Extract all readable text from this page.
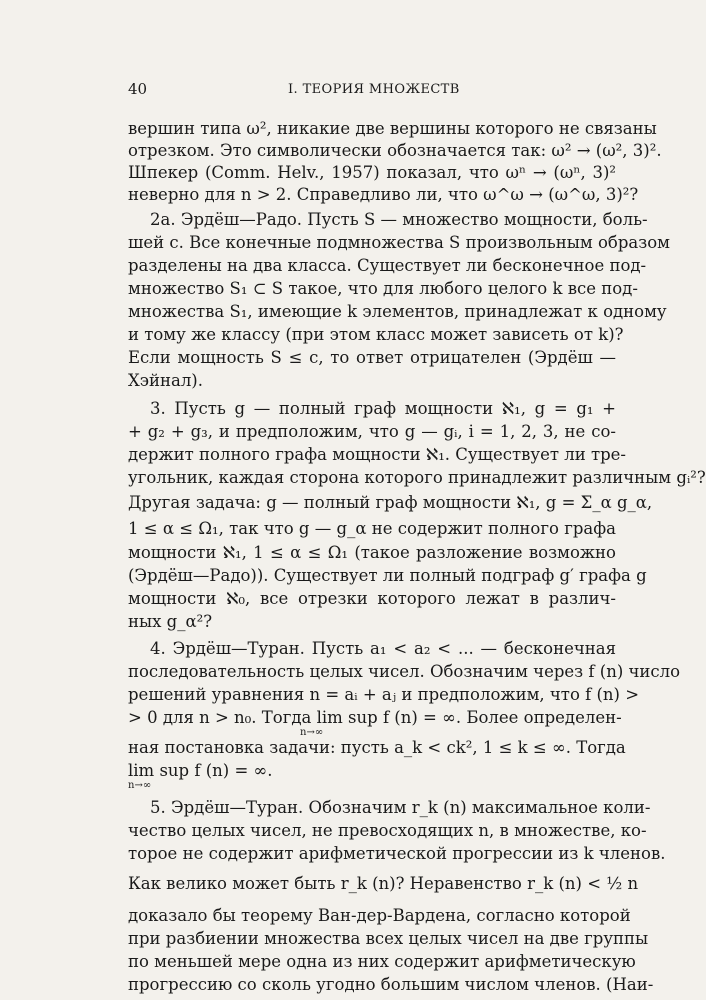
40	I. ТЕОРИЯ МНОЖЕСТВ
вершин типа ω², никакие две вершины которого не связаны
отрезком. Это символически обозначается так: ω² → (ω², 3)².
Шпекер (Comm. Helv., 1957) показал, что ωⁿ → (ωⁿ, 3)²
неверно для n > 2. Справедливо ли, что ω^ω → (ω^ω, 3)²?
2а. Эрдёш—Радо. Пусть S — множество мощности, боль-
шей c. Все конечные подмножества S произвольным образом
разделены на два класса. Существует ли бесконечное под-
множество S₁ ⊂ S такое, что для любого целого k все под-
множества S₁, имеющие k элементов, принадлежат к одному
и тому же классу (при этом класс может зависеть от k)?
Если мощность S ≤ c, то ответ отрицателен (Эрдёш —
Хэйнал).
3. Пусть g — полный граф мощности ℵ₁, g = g₁ +
+ g₂ + g₃, и предположим, что g — gᵢ, i = 1, 2, 3, не со-
держит полного графа мощности ℵ₁. Существует ли тре-
угольник, каждая сторона которого принадлежит различным gᵢ²?
Другая задача: g — полный граф мощности ℵ₁, g = Σ_α g_α,
1 ≤ α ≤ Ω₁, так что g — g_α не содержит полного графа
мощности ℵ₁, 1 ≤ α ≤ Ω₁ (такое разложение возможно
(Эрдёш—Радо)). Существует ли полный подграф g′ графа g
мощности ℵ₀, все отрезки которого лежат в различ-
ных g_α²?
4. Эрдёш—Туран. Пусть a₁ < a₂ < ... — бесконечная
последовательность целых чисел. Обозначим через f (n) число
решений уравнения n = aᵢ + aⱼ и предположим, что f (n) >
> 0 для n > n₀. Тогда lim sup f (n) = ∞. Более определен-
n→∞
ная постановка задачи: пусть a_k < ck², 1 ≤ k ≤ ∞. Тогда
lim sup f (n) = ∞.
n→∞
5. Эрдёш—Туран. Обозначим r_k (n) максимальное коли-
чество целых чисел, не превосходящих n, в множестве, ко-
торое не содержит арифметической прогрессии из k членов.
Как велико может быть r_k (n)? Неравенство r_k (n) < ½ n
доказало бы теорему Ван-дер-Вардена, согласно которой
при разбиении множества всех целых чисел на две группы
по меньшей мере одна из них содержит арифметическую
прогрессию со сколь угодно большим числом членов. (Наи-
